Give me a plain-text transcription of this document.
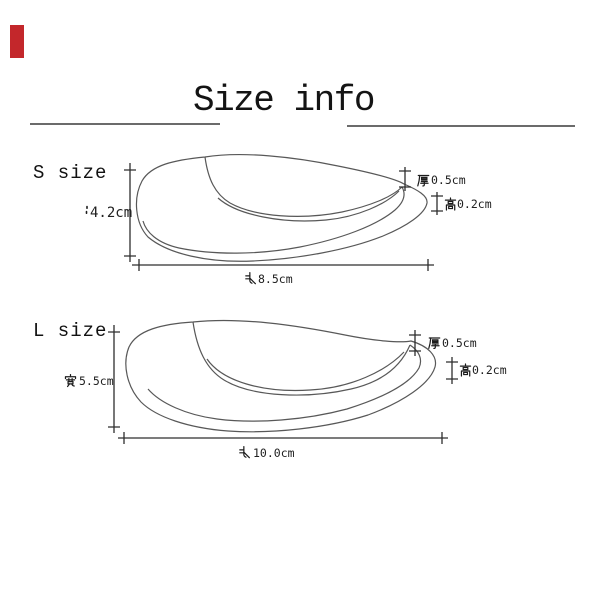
Size info
S size
4.2cm
8.5cm
0.5cm
0.2cm
L size
5.5cm
10.0cm
0.5cm
0.2cm
